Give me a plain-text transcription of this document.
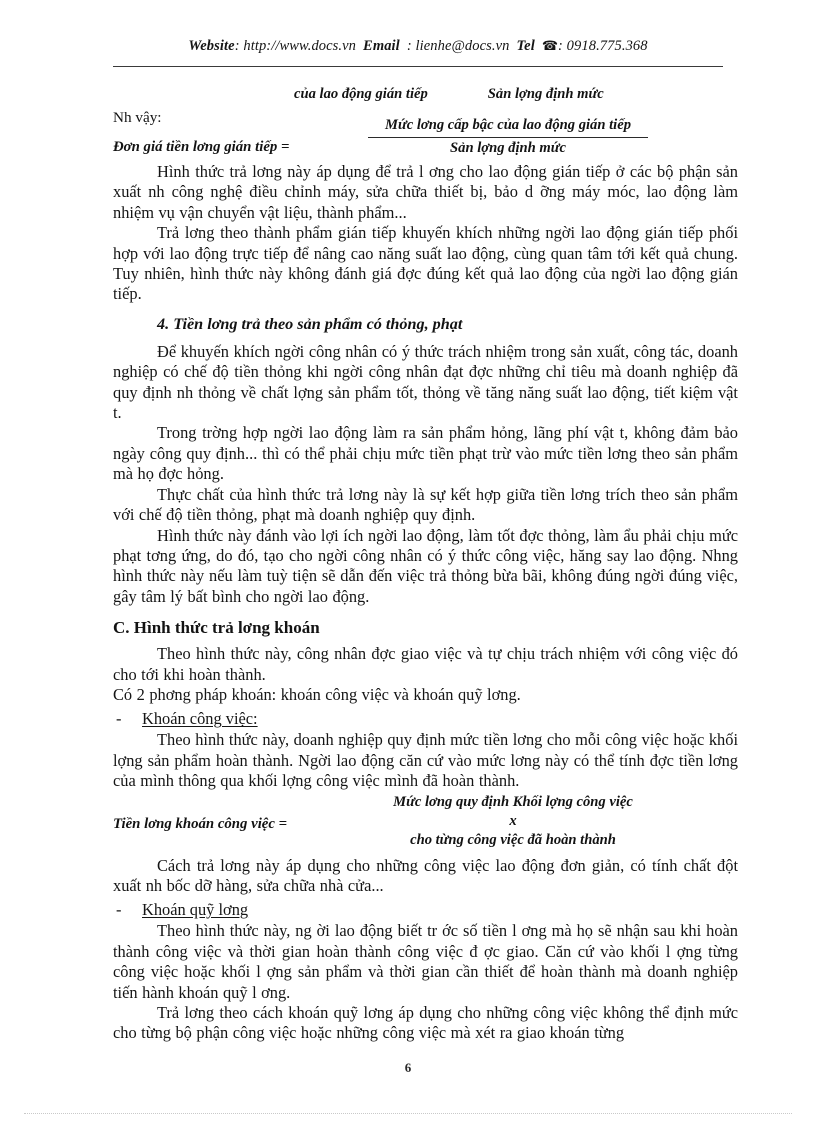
Website: http://www.docs.vn Email : lienhe@docs.vn Tel ☎: 0918.775.368
của lao động gián tiếp	Sản lợng định mức
Nh vậy:
Đơn giá tiền lơng gián tiếp =
Mức lơng cấp bậc của lao động gián tiếp
Sản lợng định mức

Hình thức trả lơng này áp dụng để trả l ơng cho lao động gián tiếp ở các bộ phận sản xuất nh công nghệ điều chỉnh máy, sửa chữa thiết bị, bảo d ỡng máy móc, lao động làm nhiệm vụ vận chuyển vật liệu, thành phẩm...

Trả lơng theo thành phẩm gián tiếp khuyến khích những ngời lao động gián tiếp phối hợp với lao động trực tiếp để nâng cao năng suất lao động, cùng quan tâm tới kết quả chung. Tuy nhiên, hình thức này không đánh giá đợc đúng kết quả lao động của ngời lao động gián tiếp.

4. Tiền lơng trả theo sản phẩm có thỏng, phạt

Để khuyến khích ngời công nhân có ý thức trách nhiệm trong sản xuất, công tác, doanh nghiệp có chế độ tiền thỏng khi ngời công nhân đạt đợc những chỉ tiêu mà doanh nghiệp đã quy định nh thỏng về chất lợng sản phẩm tốt, thỏng về tăng năng suất lao động, tiết kiệm vật t.

Trong trờng hợp ngời lao động làm ra sản phẩm hỏng, lãng phí vật t, không đảm bảo ngày công quy định... thì có thể phải chịu mức tiền phạt trừ vào mức tiền lơng theo sản phẩm mà họ đợc hỏng.

Thực chất của hình thức trả lơng này là sự kết hợp giữa tiền lơng trích theo sản phẩm với chế độ tiền thỏng, phạt mà doanh nghiệp quy định.

Hình thức này đánh vào lợi ích ngời lao động, làm tốt đợc thỏng, làm ẩu phải chịu mức phạt tơng ứng, do đó, tạo cho ngời công nhân có ý thức công việc, hăng say lao động. Nhng hình thức này nếu làm tuỳ tiện sẽ dẫn đến việc trả thỏng bừa bãi, không đúng ngời đúng việc, gây tâm lý bất bình cho ngời lao động.

C. Hình thức trả lơng khoán

Theo hình thức này, công nhân đợc giao việc và tự chịu trách nhiệm với công việc đó cho tới khi hoàn thành.

Có 2 phơng pháp khoán: khoán công việc và khoán quỹ lơng.

- Khoán công việc:

Theo hình thức này, doanh nghiệp quy định mức tiền lơng cho mỗi công việc hoặc khối lợng sản phẩm hoàn thành. Ngời lao động căn cứ vào mức lơng này có thể tính đợc tiền lơng của mình thông qua khối lợng công việc mình đã hoàn thành.

Tiền lơng khoán công việc =
Mức lơng quy định Khối lợng công việc
x
cho từng công việc đã hoàn thành

Cách trả lơng này áp dụng cho những công việc lao động đơn giản, có tính chất đột xuất nh bốc dỡ hàng, sửa chữa nhà cửa...

- Khoán quỹ lơng

Theo hình thức này, ng ời lao động biết tr ớc số tiền l ơng mà họ sẽ nhận sau khi hoàn thành công việc và thời gian hoàn thành công việc đ ợc giao. Căn cứ vào khối l ợng từng công việc hoặc khối l ợng sản phẩm và thời gian cần thiết để hoàn thành mà doanh nghiệp tiến hành khoán quỹ l ơng.

Trả lơng theo cách khoán quỹ lơng áp dụng cho những công việc không thể định mức cho từng bộ phận công việc hoặc những công việc mà xét ra giao khoán từng

6
